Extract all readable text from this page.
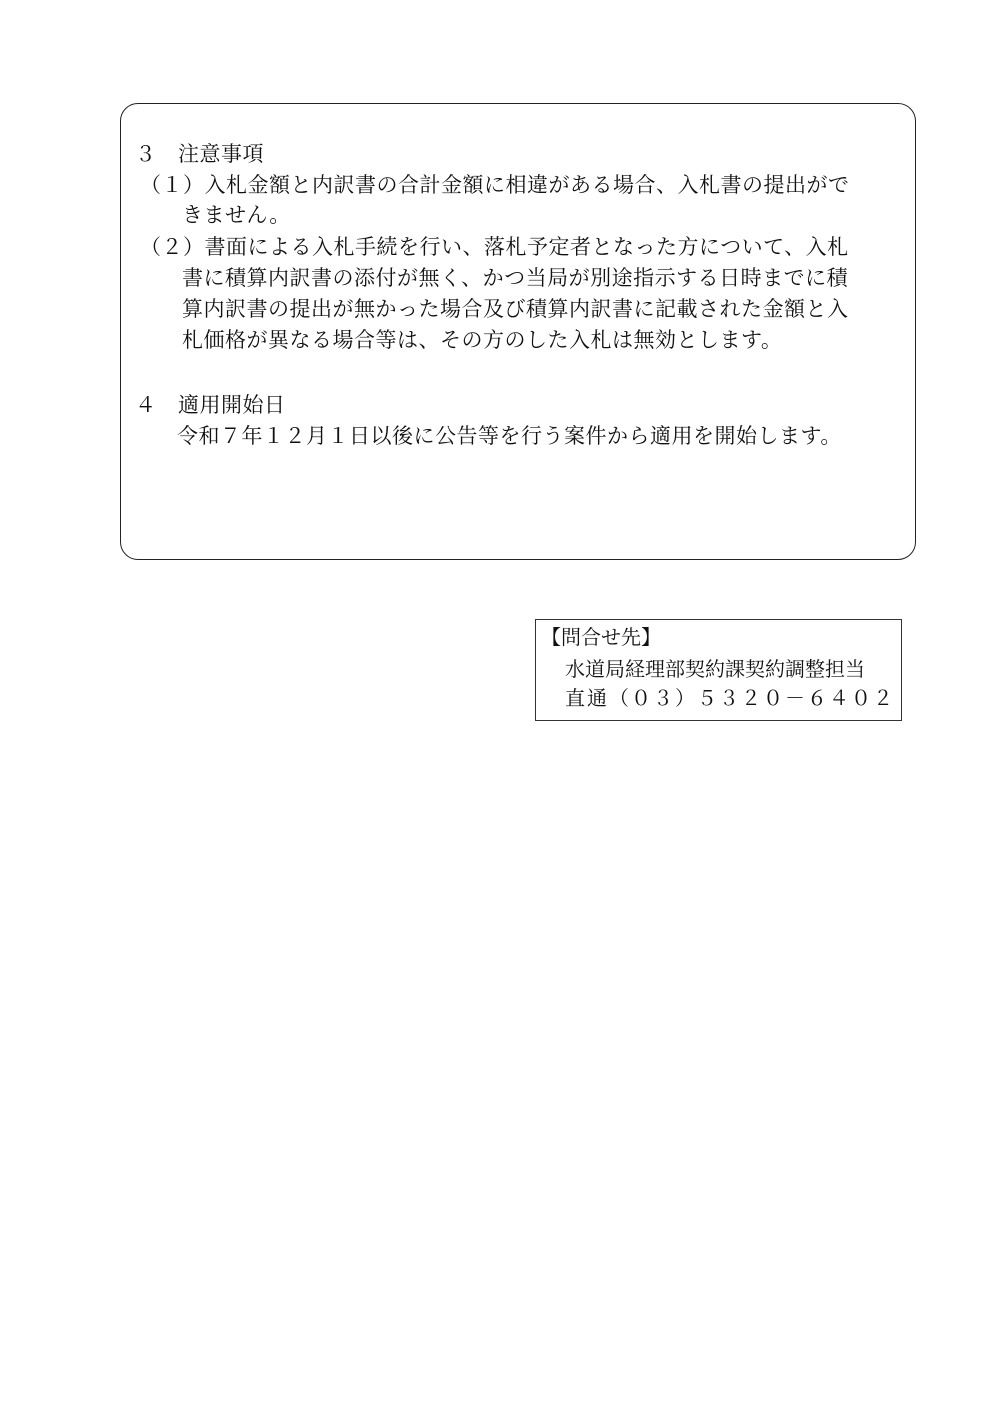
３　注意事項
（１）入札金額と内訳書の合計金額に相違がある場合、入札書の提出がで
きません。
（２）書面による入札手続を行い、落札予定者となった方について、入札
書に積算内訳書の添付が無く、かつ当局が別途指示する日時までに積
算内訳書の提出が無かった場合及び積算内訳書に記載された金額と入
札価格が異なる場合等は、その方のした入札は無効とします。
４　適用開始日
令和７年１２月１日以後に公告等を行う案件から適用を開始します。
【問合せ先】
水道局経理部契約課契約調整担当
直通（０３）５３２０－６４０２
